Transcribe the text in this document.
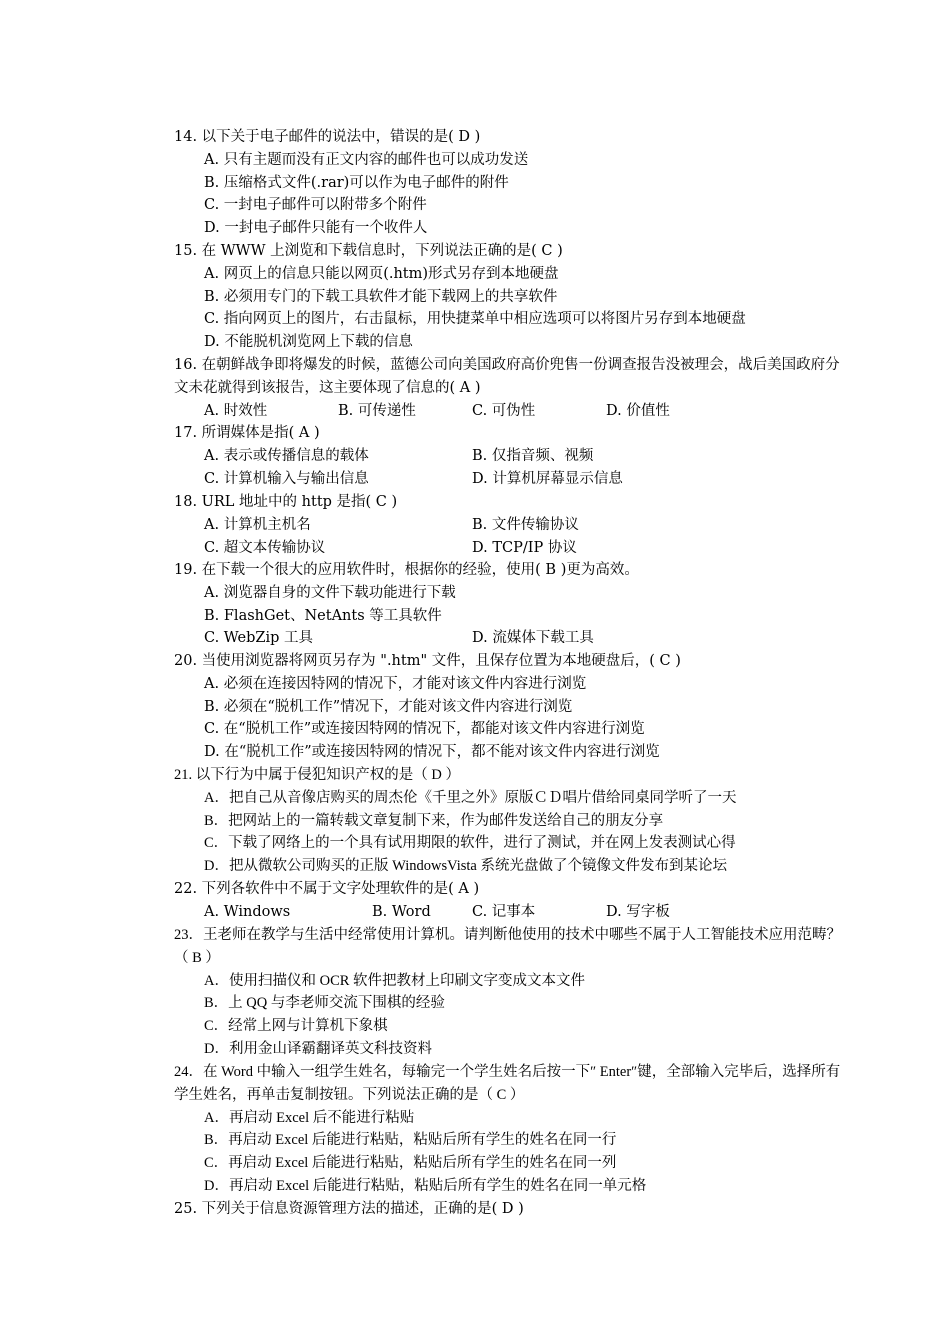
14. 以下关于电子邮件的说法中，错误的是( D )
A. 只有主题而没有正文内容的邮件也可以成功发送
B. 压缩格式文件(.rar)可以作为电子邮件的附件
C. 一封电子邮件可以附带多个附件
D. 一封电子邮件只能有一个收件人
15. 在 WWW 上浏览和下载信息时，下列说法正确的是( C )
A. 网页上的信息只能以网页(.htm)形式另存到本地硬盘
B. 必须用专门的下载工具软件才能下载网上的共享软件
C. 指向网页上的图片，右击鼠标，用快捷菜单中相应选项可以将图片另存到本地硬盘
D. 不能脱机浏览网上下载的信息
16. 在朝鲜战争即将爆发的时候，蓝德公司向美国政府高价兜售一份调查报告没被理会，战后美国政府分文未花就得到该报告，这主要体现了信息的( A )
A. 时效性	B. 可传递性	C. 可伪性	D. 价值性
17. 所谓媒体是指( A )
A. 表示或传播信息的载体	B. 仅指音频、视频
C. 计算机输入与输出信息	D. 计算机屏幕显示信息
18. URL 地址中的 http 是指( C )
A. 计算机主机名	B. 文件传输协议
C. 超文本传输协议	D. TCP/IP 协议
19. 在下载一个很大的应用软件时，根据你的经验，使用( B )更为高效。
A. 浏览器自身的文件下载功能进行下载
B. FlashGet、NetAnts 等工具软件
C. WebZip 工具	D. 流媒体下载工具
20. 当使用浏览器将网页另存为 ".htm" 文件，且保存位置为本地硬盘后，( C )
A. 必须在连接因特网的情况下，才能对该文件内容进行浏览
B. 必须在“脱机工作”情况下，才能对该文件内容进行浏览
C. 在“脱机工作”或连接因特网的情况下，都能对该文件内容进行浏览
D. 在“脱机工作”或连接因特网的情况下，都不能对该文件内容进行浏览
21. 以下行为中属于侵犯知识产权的是（ D ）
A．把自己从音像店购买的周杰伦《千里之外》原版ＣＤ唱片借给同桌同学听了一天
B．把网站上的一篇转载文章复制下来，作为邮件发送给自己的朋友分享
C．下载了网络上的一个具有试用期限的软件，进行了测试，并在网上发表测试心得
D．把从微软公司购买的正版 WindowsVista 系统光盘做了个镜像文件发布到某论坛
22. 下列各软件中不属于文字处理软件的是( A )
A. Windows	B. Word	C. 记事本	D. 写字板
23．王老师在教学与生活中经常使用计算机。请判断他使用的技术中哪些不属于人工智能技术应用范畴？（ B ）
A．使用扫描仪和 OCR 软件把教材上印刷文字变成文本文件
B．上 QQ 与李老师交流下围棋的经验
C．经常上网与计算机下象棋
D．利用金山译霸翻译英文科技资料
24．在 Word 中输入一组学生姓名，每输完一个学生姓名后按一下″ Enter″键，全部输入完毕后，选择所有学生姓名，再单击复制按钮。下列说法正确的是（ C ）
A．再启动 Excel 后不能进行粘贴
B．再启动 Excel 后能进行粘贴，粘贴后所有学生的姓名在同一行
C．再启动 Excel 后能进行粘贴，粘贴后所有学生的姓名在同一列
D．再启动 Excel 后能进行粘贴，粘贴后所有学生的姓名在同一单元格
25. 下列关于信息资源管理方法的描述，正确的是( D )
